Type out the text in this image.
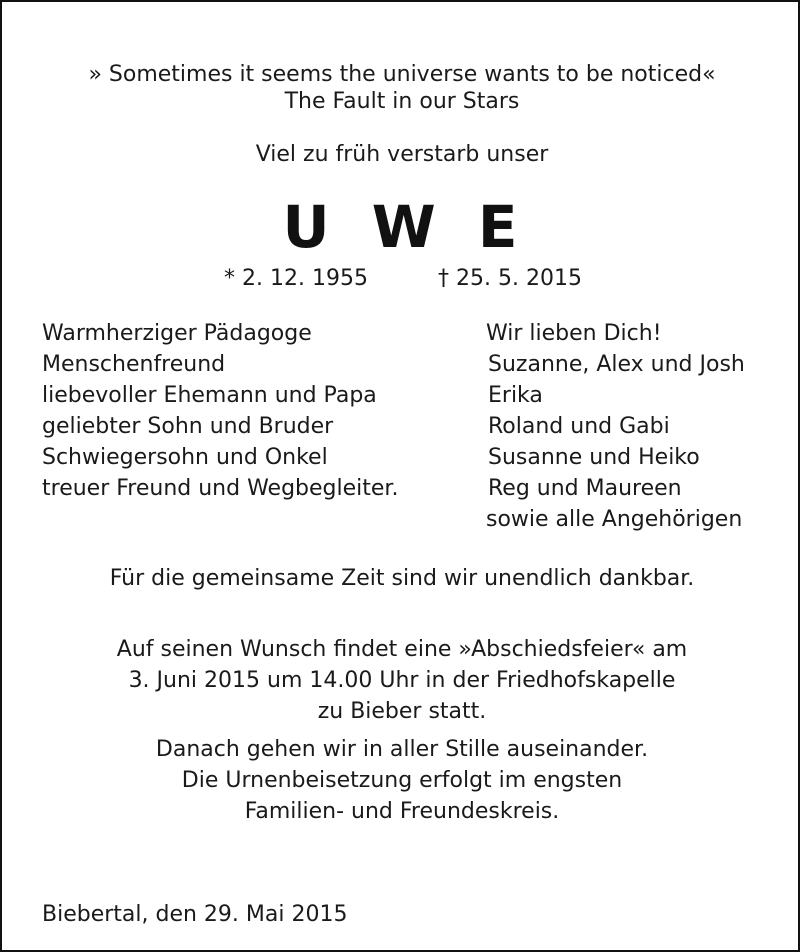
» Sometimes it seems the universe wants to be noticed«
The Fault in our Stars
Viel zu früh verstarb unser
U W E
* 2. 12. 1955	† 25. 5. 2015
Warmherziger Pädagoge
Menschenfreund
liebevoller Ehemann und Papa
geliebter Sohn und Bruder
Schwiegersohn und Onkel
treuer Freund und Wegbegleiter.
Wir lieben Dich!
Suzanne, Alex und Josh
Erika
Roland und Gabi
Susanne und Heiko
Reg und Maureen
sowie alle Angehörigen
Für die gemeinsame Zeit sind wir unendlich dankbar.
Auf seinen Wunsch findet eine »Abschiedsfeier« am
3. Juni 2015 um 14.00 Uhr in der Friedhofskapelle
zu Bieber statt.
Danach gehen wir in aller Stille auseinander.
Die Urnenbeisetzung erfolgt im engsten
Familien- und Freundeskreis.
Biebertal, den 29. Mai 2015
